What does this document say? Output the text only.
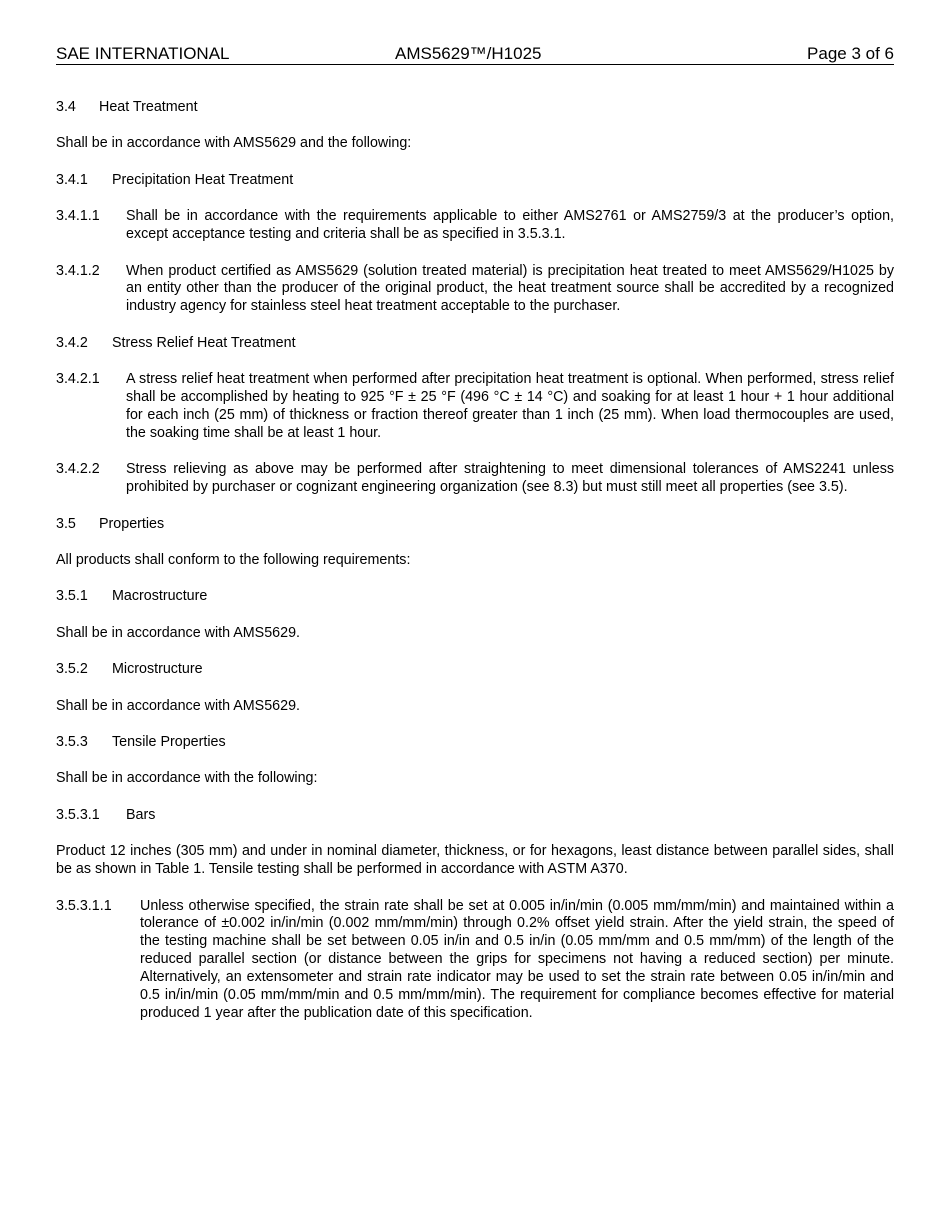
SAE INTERNATIONAL	AMS5629™/H1025	Page 3 of 6
3.4	Heat Treatment

Shall be in accordance with AMS5629 and the following:

3.4.1	Precipitation Heat Treatment
3.4.1.1	Shall be in accordance with the requirements applicable to either AMS2761 or AMS2759/3 at the producer’s option, except acceptance testing and criteria shall be as specified in 3.5.3.1.
3.4.1.2	When product certified as AMS5629 (solution treated material) is precipitation heat treated to meet AMS5629/H1025 by an entity other than the producer of the original product, the heat treatment source shall be accredited by a recognized industry agency for stainless steel heat treatment acceptable to the purchaser.
3.4.2	Stress Relief Heat Treatment
3.4.2.1	A stress relief heat treatment when performed after precipitation heat treatment is optional. When performed, stress relief shall be accomplished by heating to 925 °F ± 25 °F (496 °C ± 14 °C) and soaking for at least 1 hour + 1 hour additional for each inch (25 mm) of thickness or fraction thereof greater than 1 inch (25 mm). When load thermocouples are used, the soaking time shall be at least 1 hour.
3.4.2.2	Stress relieving as above may be performed after straightening to meet dimensional tolerances of AMS2241 unless prohibited by purchaser or cognizant engineering organization (see 8.3) but must still meet all properties (see 3.5).
3.5	Properties

All products shall conform to the following requirements:

3.5.1	Macrostructure

Shall be in accordance with AMS5629.

3.5.2	Microstructure

Shall be in accordance with AMS5629.

3.5.3	Tensile Properties

Shall be in accordance with the following:

3.5.3.1	Bars

Product 12 inches (305 mm) and under in nominal diameter, thickness, or for hexagons, least distance between parallel sides, shall be as shown in Table 1. Tensile testing shall be performed in accordance with ASTM A370.

3.5.3.1.1	Unless otherwise specified, the strain rate shall be set at 0.005 in/in/min (0.005 mm/mm/min) and maintained within a tolerance of ±0.002 in/in/min (0.002 mm/mm/min) through 0.2% offset yield strain. After the yield strain, the speed of the testing machine shall be set between 0.05 in/in and 0.5 in/in (0.05 mm/mm and 0.5 mm/mm) of the length of the reduced parallel section (or distance between the grips for specimens not having a reduced section) per minute. Alternatively, an extensometer and strain rate indicator may be used to set the strain rate between 0.05 in/in/min and 0.5 in/in/min (0.05 mm/mm/min and 0.5 mm/mm/min). The requirement for compliance becomes effective for material produced 1 year after the publication date of this specification.
